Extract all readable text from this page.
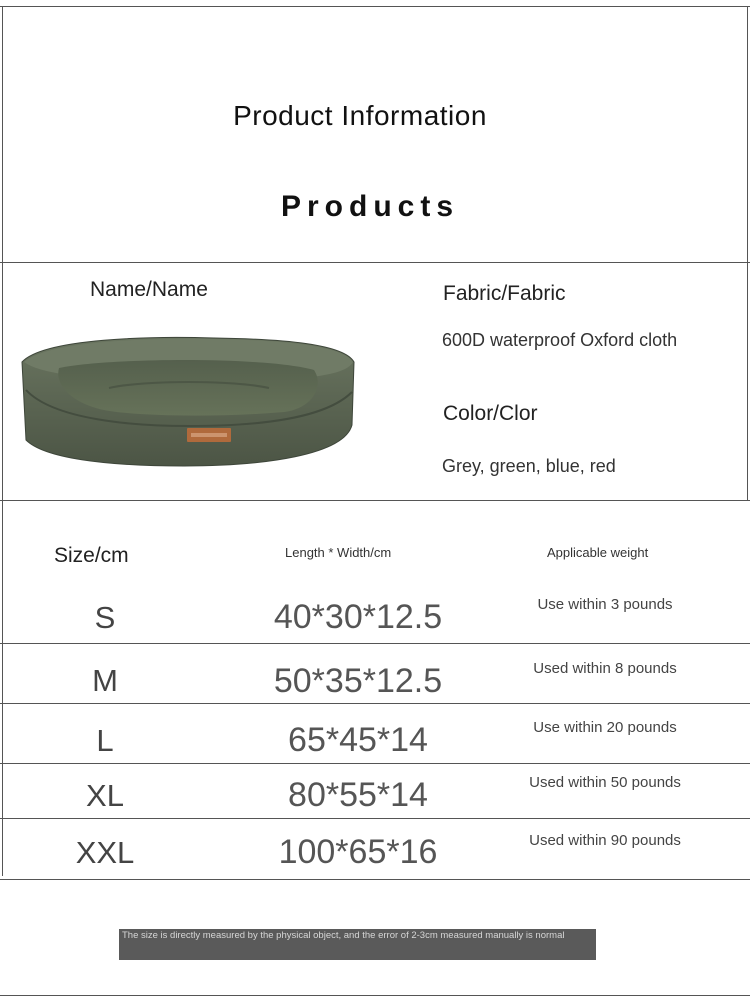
Product Information
Products
Name/Name	Fabric/Fabric
600D waterproof Oxford cloth
Color/Clor
Grey, green, blue, red
Size/cm	Length * Width/cm	Applicable weight
S	40*30*12.5	Use within 3 pounds
M	50*35*12.5	Used within 8 pounds
L	65*45*14	Use within 20 pounds
XL	80*55*14	Used within 50 pounds
XXL	100*65*16	Used within 90 pounds
The size is directly measured by the physical object, and the error of 2-3cm measured manually is normal
